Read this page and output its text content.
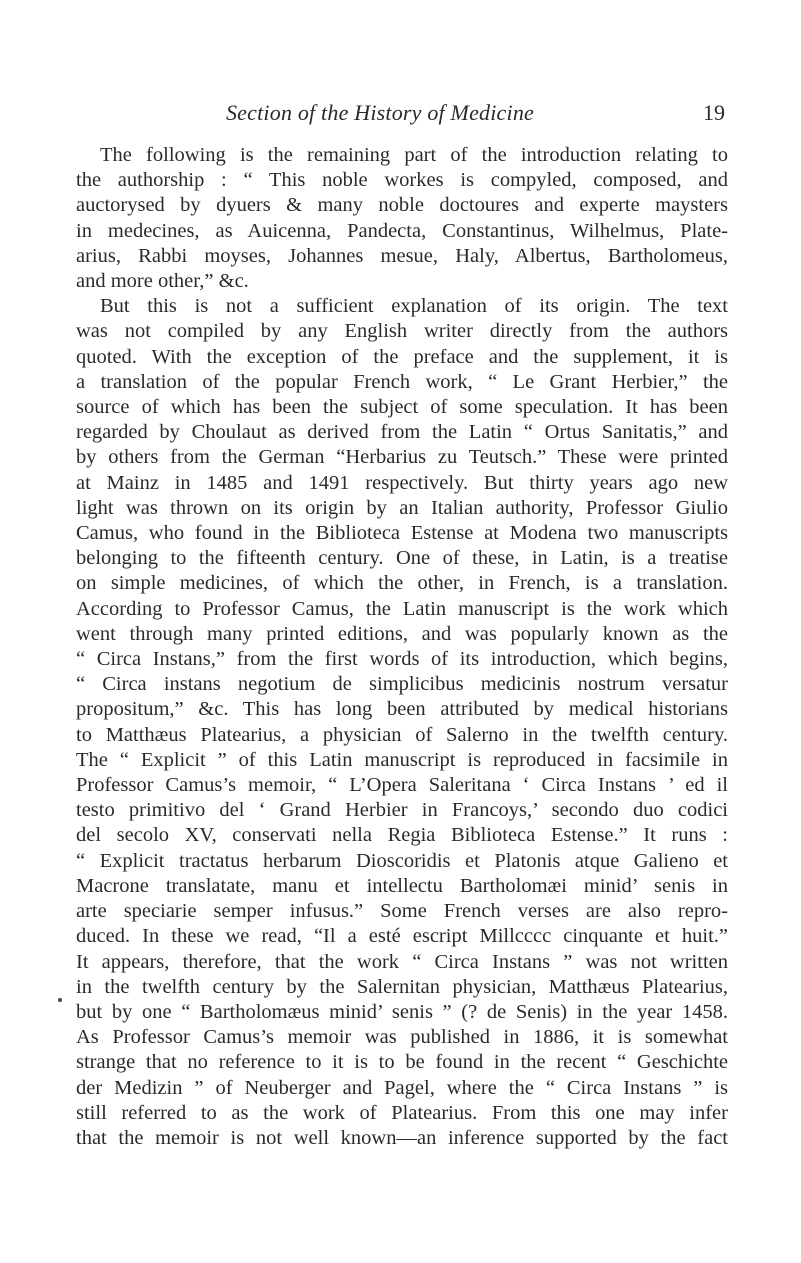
Section of the History of Medicine	19
The following is the remaining part of the introduction relating to
the authorship : “ This noble workes is compyled, composed, and
auctorysed by dyuers & many noble doctoures and experte maysters
in medecines, as Auicenna, Pandecta, Constantinus, Wilhelmus, Plate-
arius, Rabbi moyses, Johannes mesue, Haly, Albertus, Bartholomeus,
and more other,” &c.
But this is not a sufficient explanation of its origin. The text
was not compiled by any English writer directly from the authors
quoted. With the exception of the preface and the supplement, it is
a translation of the popular French work, “ Le Grant Herbier,” the
source of which has been the subject of some speculation. It has been
regarded by Choulaut as derived from the Latin “ Ortus Sanitatis,” and
by others from the German “Herbarius zu Teutsch.” These were printed
at Mainz in 1485 and 1491 respectively. But thirty years ago new
light was thrown on its origin by an Italian authority, Professor Giulio
Camus, who found in the Biblioteca Estense at Modena two manuscripts
belonging to the fifteenth century. One of these, in Latin, is a treatise
on simple medicines, of which the other, in French, is a translation.
According to Professor Camus, the Latin manuscript is the work which
went through many printed editions, and was popularly known as the
“ Circa Instans,” from the first words of its introduction, which begins,
“ Circa instans negotium de simplicibus medicinis nostrum versatur
propositum,” &c. This has long been attributed by medical historians
to Matthæus Platearius, a physician of Salerno in the twelfth century.
The “ Explicit ” of this Latin manuscript is reproduced in facsimile in
Professor Camus’s memoir, “ L’Opera Saleritana ‘ Circa Instans ’ ed il
testo primitivo del ‘ Grand Herbier in Francoys,’ secondo duo codici
del secolo XV, conservati nella Regia Biblioteca Estense.” It runs :
“ Explicit tractatus herbarum Dioscoridis et Platonis atque Galieno et
Macrone translatate, manu et intellectu Bartholomæi minid’ senis in
arte speciarie semper infusus.” Some French verses are also repro-
duced. In these we read, “Il a esté escript Millcccc cinquante et huit.”
It appears, therefore, that the work “ Circa Instans ” was not written
in the twelfth century by the Salernitan physician, Matthæus Platearius,
but by one “ Bartholomæus minid’ senis ” (? de Senis) in the year 1458.
As Professor Camus’s memoir was published in 1886, it is somewhat
strange that no reference to it is to be found in the recent “ Geschichte
der Medizin ” of Neuberger and Pagel, where the “ Circa Instans ” is
still referred to as the work of Platearius. From this one may infer
that the memoir is not well known—an inference supported by the fact
